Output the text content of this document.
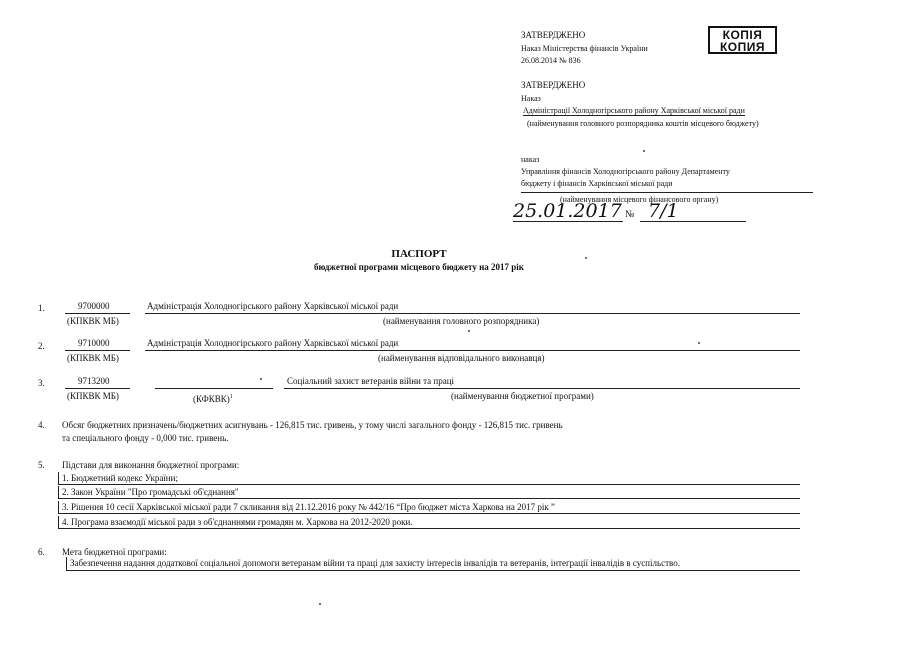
ЗАТВЕРДЖЕНО
Наказ Міністерства фінансів України
26.08.2014 № 836
КОПІЯ
КОПИЯ
ЗАТВЕРДЖЕНО
Наказ
Адміністрації Холодногірського району Харківської міської ради
(найменування головного розпорядника коштів місцевого бюджету)
наказ
Управління фінансів Холодногірського району Департаменту
бюджету і фінансів Харківської міської ради
(найменування місцевого фінансового органу)
25.01.2017 № 7/1
ПАСПОРТ
бюджетної програми місцевого бюджету на 2017 рік
1.	9700000	Адміністрація Холодногірського району Харківської міської ради
(КПКВК МБ)	(найменування головного розпорядника)
2.	9710000	Адміністрація Холодногірського району Харківської міської ради
(КПКВК МБ)	(найменування відповідального виконавця)
3.	9713200	Соціальний захист ветеранів війни та праці
(КПКВК МБ)	(КФКВК)$^1$	(найменування бюджетної програми)
4. Обсяг бюджетних призначень/бюджетних асигнувань - 126,815 тис. гривень, у тому числі загального фонду - 126,815 тис. гривень
та спеціального фонду - 0,000 тис. гривень.
5. Підстави для виконання бюджетної програми:
1. Бюджетний кодекс України;
2. Закон України "Про громадські об'єднання"
3. Рішення 10 сесії Харківської міської ради 7 скликання від 21.12.2016 року № 442/16 “Про бюджет міста Харкова на 2017 рік ”
4. Програма взаємодії міської ради з об'єднаннями громадян м. Харкова на 2012-2020 роки.
6. Мета бюджетної програми:
Забезпечення надання додаткової соціальної допомоги ветеранам війни та праці для захисту інтересів інвалідів та ветеранів, інтеграції інвалідів в суспільство.
